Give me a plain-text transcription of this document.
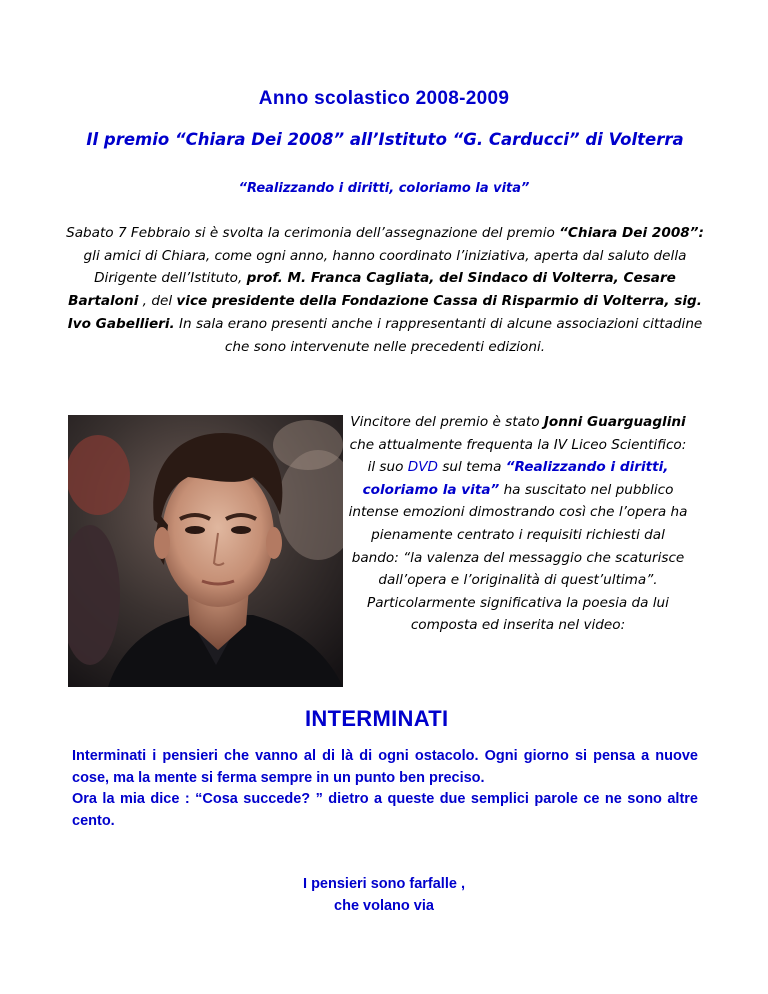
Anno scolastico 2008-2009
Il premio “Chiara Dei 2008” all’Istituto “G. Carducci” di Volterra
“Realizzando i diritti, coloriamo la vita”
Sabato 7 Febbraio si è svolta la cerimonia dell’assegnazione del premio “Chiara Dei 2008”: gli amici di Chiara, come ogni anno, hanno coordinato l’iniziativa, aperta dal saluto della Dirigente dell’Istituto, prof. M. Franca Cagliata, del Sindaco di Volterra, Cesare Bartaloni , del vice presidente della Fondazione Cassa di Risparmio di Volterra, sig. Ivo Gabellieri. In sala erano presenti anche i rappresentanti di alcune associazioni cittadine che sono intervenute nelle precedenti edizioni.
Vincitore del premio è stato Jonni Guarguaglini che attualmente frequenta la IV Liceo Scientifico: il suo DVD sul tema “Realizzando i diritti, coloriamo la vita” ha suscitato nel pubblico intense emozioni dimostrando così che l’opera ha pienamente centrato i requisiti richiesti dal bando: “la valenza del messaggio che scaturisce dall’opera e l’originalità di quest’ultima”. Particolarmente significativa la poesia da lui composta ed inserita nel video:
INTERMINATI

Interminati i pensieri che vanno al di là di ogni ostacolo. Ogni giorno si pensa a nuove cose, ma la mente si ferma sempre in un punto ben preciso.

Ora la mia dice : “Cosa succede? ” dietro a queste due semplici parole ce ne sono altre cento.

I pensieri sono farfalle ,
che volano via
